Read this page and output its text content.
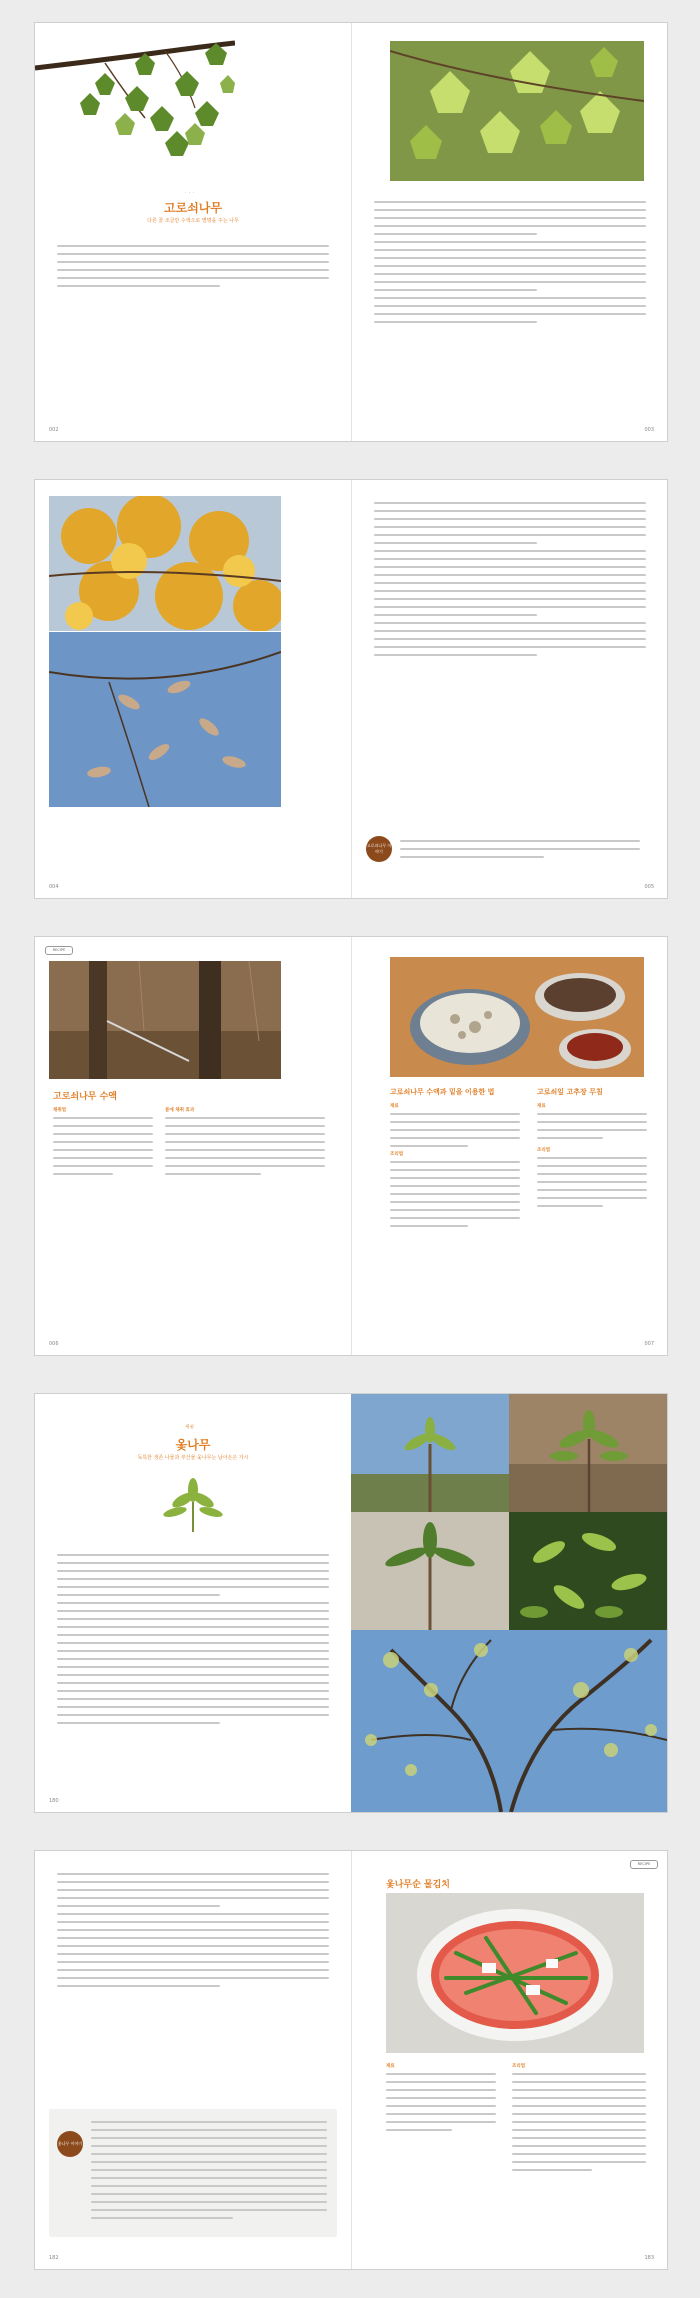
· · ·
고로쇠나무
다른 꿀 조금만 수액으로 별명을 주는 나무
002	003
004
고로쇠나무 이야기
005
RECIPE
고로쇠나무 수액
채취법	봄에 채취 효과
006
고로쇠나무 수액과 밑을 이용한 법	고로쇠잎 고추장 무침
재료
조리법
재료
조리법
007
새순
옻나무
독특한 생존 나물과 부산물 옻나무는 남아온은 가시
180
옻나무 이야기
182
RECIPE
옻나무순 물김치
재료	조리법
183
